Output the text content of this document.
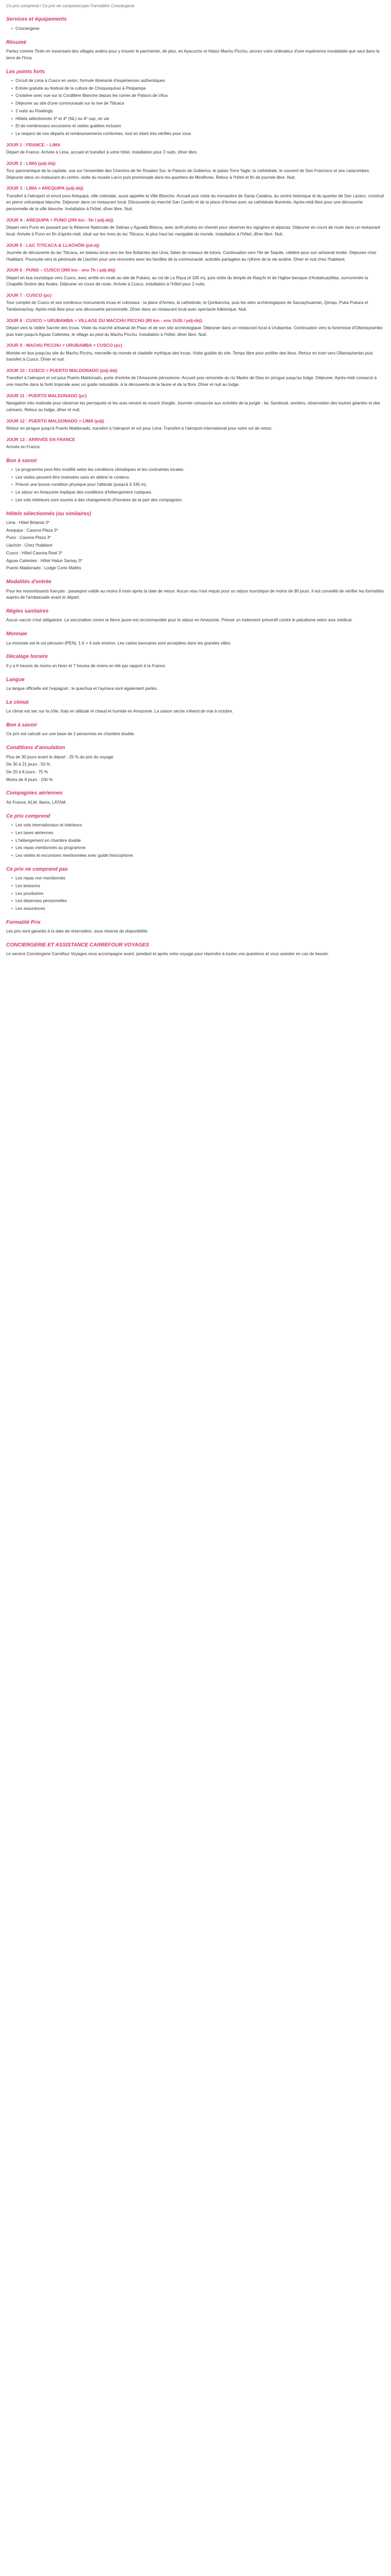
Ce prix comprend / Ce prix ne comprend pas/ Formalités Conciergerie

Services et équipements
• Conciergerie
Résumé

Partez comme Tintin en traversant des villages andins pour y trouver le parchemin, de plus, en Ayacucho et Hatun Machu Picchu, ancrez votre ordinateur d'une expérience inoubliable que seul dans la terre de l'Inca.

Les points forts
• Circuit de Lima à Cusco en avion, formule itinérante d'expériences authentiques
• Entrée gratuite au festival de la culture de Choquequirao à Pinipampa
• Croisière avec vue sur la Cordillère Blanche depuis les ruines de Palacio de Vilca
• Déjeuner au site d'une communauté sur la rive de Titicaca
• 2 nuits au Floatingly
• Hôtels sélectionnés 3* et 4* (NL) ou 4* sup, en vie
• Et de nombreuses excursions et visites guidées incluses
• Le respect de nos départs et remboursements conformes, tout en étant très vérifiés pour vous
JOUR 1 : FRANCE – LIMA

Départ de France. Arrivée à Lima, accueil et transfert à votre hôtel. Installation pour 2 nuits, dîner libre.

JOUR 2 : LIMA (pdj-déj)

Tour panoramique de la capitale, vue sur l'ensemble des Chemins de fer Rosales Sur, le Palacio de Gobierno, le palais Torre Tagle, la cathédrale, le couvent de San Francisco et ses catacombes. Déjeuner dans un restaurant du centre, visite du musée Larco puis promenade dans les quartiers de Miraflores. Retour à l'hôtel et fin de journée libre. Nuit.

JOUR 3 : LIMA > AREQUIPA (pdj-déj)

Transfert à l'aéroport et envol pour Arequipa, ville coloniale, aussi appelée la Ville Blanche. Accueil puis visite du monastère de Santa Catalina, du centre historique et du quartier de San Lázaro, construit en pierre volcanique blanche. Déjeuner dans un restaurant local. Découverte du marché San Camilo et de la place d'Armes avec sa cathédrale illuminée. Après-midi libre pour une découverte personnelle de la ville blanche. Installation à l'hôtel, dîner libre. Nuit.

JOUR 4 : AREQUIPA > PUNO (290 km - 5h / pdj-déj)

Départ vers Puno en passant par la Réserve Nationale de Salinas y Aguada Blanca, avec arrêt photos en chemin pour observer les vigognes et alpacas. Déjeuner en cours de route dans un restaurant local. Arrivée à Puno en fin d'après-midi, situé sur les rives du lac Titicaca, le plus haut lac navigable du monde. Installation à l'hôtel, dîner libre. Nuit.

JOUR 5 : LAC TITICACA & LLACHÓN (pd-dj)

Journée de découverte du lac Titicaca, en bateau local vers les îles flottantes des Uros, faites de roseaux de totora. Continuation vers l'île de Taquile, célèbre pour son artisanat textile. Déjeuner chez l'habitant. Poursuite vers la péninsule de Llachón pour une rencontre avec les familles de la communauté, activités partagées au rythme de la vie andine. Dîner et nuit chez l'habitant.

JOUR 6 : PUNO – CUSCO (390 km - env 7h / pdj-déj)

Départ en bus touristique vers Cusco, avec arrêts en route au site de Pukara, au col de La Raya (4 335 m), puis visite du temple de Raqchi et de l'église baroque d'Andahuaylillas, surnommée la Chapelle Sixtine des Andes. Déjeuner en cours de route. Arrivée à Cusco, installation à l'hôtel pour 2 nuits.

JOUR 7 : CUSCO (pc)

Tour complet de Cusco et ses nombreux monuments incas et coloniaux : la place d'Armes, la cathédrale, le Qorikancha, puis les sites archéologiques de Sacsayhuamán, Qenqo, Puka Pukara et Tambomachay. Après-midi libre pour une découverte personnelle. Dîner dans un restaurant local avec spectacle folklorique. Nuit.

JOUR 8 : CUSCO > URUBAMBA > VILLAGE DU MACCHU PICCHU (80 km - env 1h30 / pdj-déj)

Départ vers la Vallée Sacrée des Incas. Visite du marché artisanal de Pisac et de son site archéologique. Déjeuner dans un restaurant local à Urubamba. Continuation vers la forteresse d'Ollantaytambo puis train jusqu'à Aguas Calientes, le village au pied du Machu Picchu. Installation à l'hôtel, dîner libre. Nuit.

JOUR 9 : MACHU PICCHU > URUBAMBA > CUSCO (pc)

Montée en bus jusqu'au site du Machu Picchu, merveille du monde et citadelle mythique des Incas. Visite guidée du site. Temps libre pour profiter des lieux. Retour en train vers Ollantaytambo puis transfert à Cusco. Dîner et nuit.

JOUR 10 : CUSCO > PUERTO MALDONADO (pdj-déj)

Transfert à l'aéroport et vol pour Puerto Maldonado, porte d'entrée de l'Amazonie péruvienne. Accueil puis remontée du río Madre de Dios en pirogue jusqu'au lodge. Déjeuner. Après-midi consacré à une marche dans la forêt tropicale avec un guide naturaliste, à la découverte de la faune et de la flore. Dîner et nuit au lodge.

JOUR 11 : PUERTO MALDONADO (pc)

Navigation très matinale pour observer les perroquets et les aras venant se nourrir d'argile. Journée consacrée aux activités de la jungle : lac Sandoval, sentiers, observation des loutres géantes et des caïmans. Retour au lodge, dîner et nuit.

JOUR 12 : PUERTO MALDONADO > LIMA (pdj)

Retour en pirogue jusqu'à Puerto Maldonado, transfert à l'aéroport et vol pour Lima. Transfert à l'aéroport international pour votre vol de retour.

JOUR 13 : ARRIVÉE EN FRANCE

Arrivée en France.

Bon à savoir
• Le programme peut être modifié selon les conditions climatiques et les contraintes locales.
• Les visites peuvent être inversées sans en altérer le contenu.
• Prévoir une bonne condition physique pour l'altitude (jusqu'à 4 335 m).
• Le séjour en Amazonie implique des conditions d'hébergement rustiques.
• Les vols intérieurs sont soumis à des changements d'horaires de la part des compagnies.
Hôtels sélectionnés (ou similaires)
Lima : Hôtel Britania 3*
Arequipa : Casona Plaza 3*
Puno : Casona Plaza 3*
Llachón : Chez l'habitant
Cusco : Hôtel Casona Real 3*
Aguas Calientes : Hôtel Hatun Samay 3*
Puerto Maldonado : Lodge Corto Maltés
Modalités d'entrée

Pour les ressortissants français : passeport valide au moins 6 mois après la date de retour. Aucun visa n'est requis pour un séjour touristique de moins de 90 jours. Il est conseillé de vérifier les formalités auprès de l'ambassade avant le départ.

Règles sanitaires

Aucun vaccin n'est obligatoire. La vaccination contre la fièvre jaune est recommandée pour le séjour en Amazonie. Prévoir un traitement préventif contre le paludisme selon avis médical.

Monnaie

La monnaie est le sol péruvien (PEN). 1 € = 4 sols environ. Les cartes bancaires sont acceptées dans les grandes villes.

Décalage horaire

Il y a 6 heures de moins en hiver et 7 heures de moins en été par rapport à la France.

Langue

La langue officielle est l'espagnol ; le quechua et l'aymara sont également parlés.

Le climat

Le climat est sec sur la côte, frais en altitude et chaud et humide en Amazonie. La saison sèche s'étend de mai à octobre.

Bon à savoir

Ce prix est calculé sur une base de 2 personnes en chambre double.

Conditions d'annulation
Plus de 30 jours avant le départ : 25 % du prix du voyage
De 30 à 21 jours : 50 %
De 20 à 8 jours : 75 %
Moins de 8 jours : 100 %
Compagnies aériennes

Air France, KLM, Iberia, LATAM.

Ce prix comprend
• Les vols internationaux et intérieurs
• Les taxes aériennes
• L'hébergement en chambre double
• Les repas mentionnés au programme
• Les visites et excursions mentionnées avec guide francophone
Ce prix ne comprend pas
• Les repas non mentionnés
• Les boissons
• Les pourboires
• Les dépenses personnelles
• Les assurances
Formalité Prix

Les prix sont garantis à la date de réservation, sous réserve de disponibilité.

CONCIERGERIE ET ASSISTANCE CARREFOUR VOYAGES

Le service Conciergerie Carrefour Voyages vous accompagne avant, pendant et après votre voyage pour répondre à toutes vos questions et vous assister en cas de besoin.
